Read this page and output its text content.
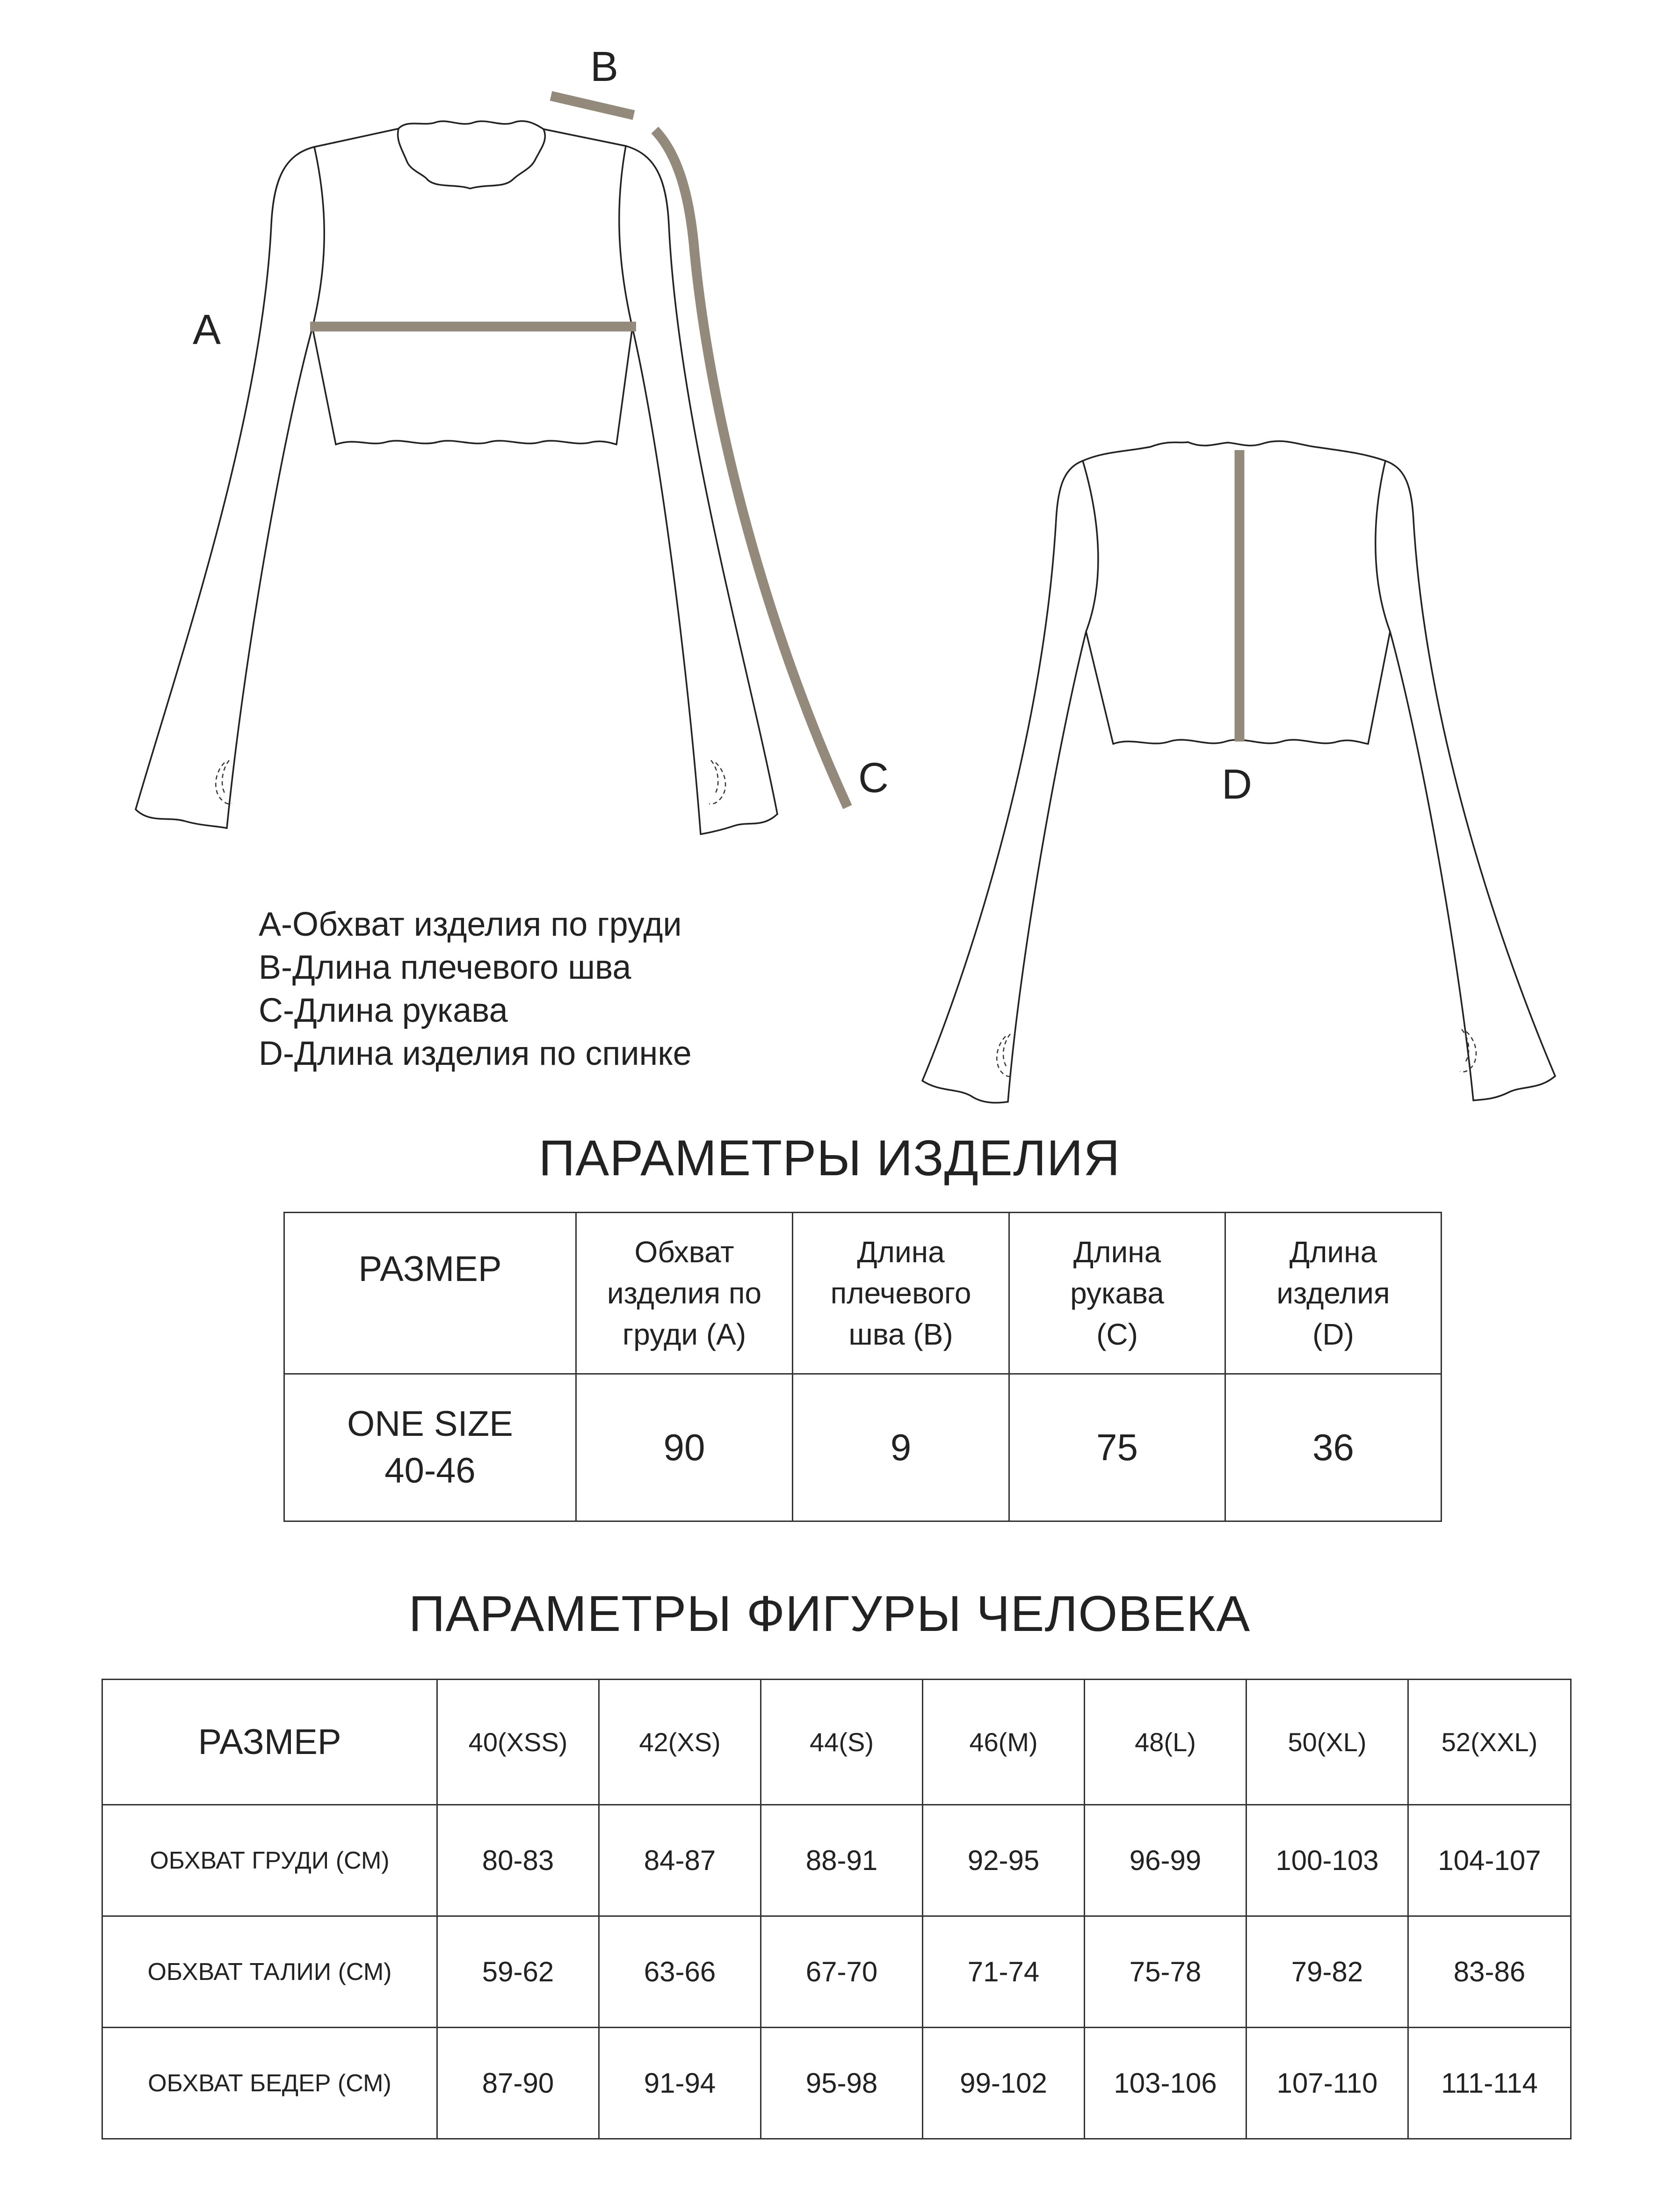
A
B
C	D
A-Обхват изделия по груди
B-Длина плечевого шва
C-Длина рукава
D-Длина изделия по спинке
ПАРАМЕТРЫ ИЗДЕЛИЯ
РАЗМЕР	Обхват изделия по груди (A)	Длина плечевого шва (B)	Длина рукава (C)	Длина изделия (D)

ONE SIZE 40-46	90	9	75	36
ПАРАМЕТРЫ ФИГУРЫ ЧЕЛОВЕКА
РАЗМЕР	40(XSS)	42(XS)	44(S)	46(M)	48(L)	50(XL)	52(XXL)
ОБХВАТ ГРУДИ (СМ)	80-83	84-87	88-91	92-95	96-99	100-103	104-107
ОБХВАТ ТАЛИИ (СМ)	59-62	63-66	67-70	71-74	75-78	79-82	83-86
ОБХВАТ БЕДЕР (СМ)	87-90	91-94	95-98	99-102	103-106	107-110	111-114
